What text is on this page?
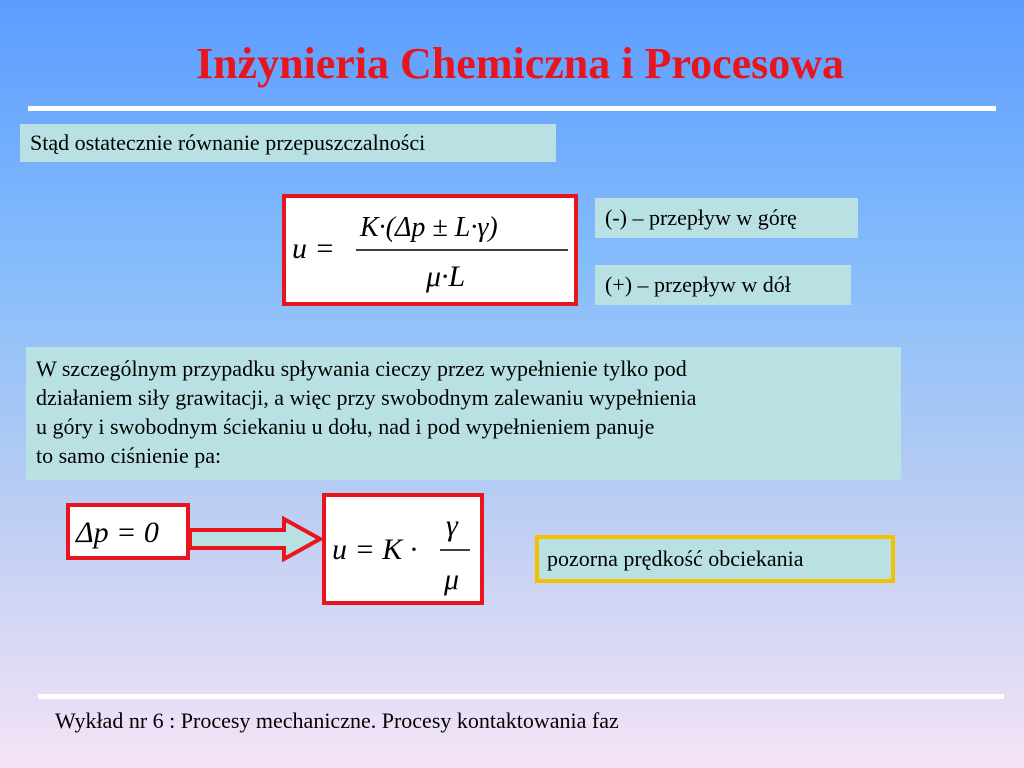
Inżynieria Chemiczna i Procesowa
Stąd ostatecznie równanie przepuszczalności
u =
K·(Δp ± L·γ)
μ·L
(-) – przepływ w górę
(+) – przepływ w dół
W szczególnym przypadku spływania cieczy przez wypełnienie tylko pod
działaniem siły grawitacji, a więc przy swobodnym zalewaniu wypełnienia
u góry i swobodnym ściekaniu u dołu, nad i pod wypełnieniem panuje
to samo ciśnienie pa:
Δp = 0
u = K ·
γ
μ
pozorna prędkość obciekania
Wykład nr 6 : Procesy mechaniczne. Procesy kontaktowania faz
